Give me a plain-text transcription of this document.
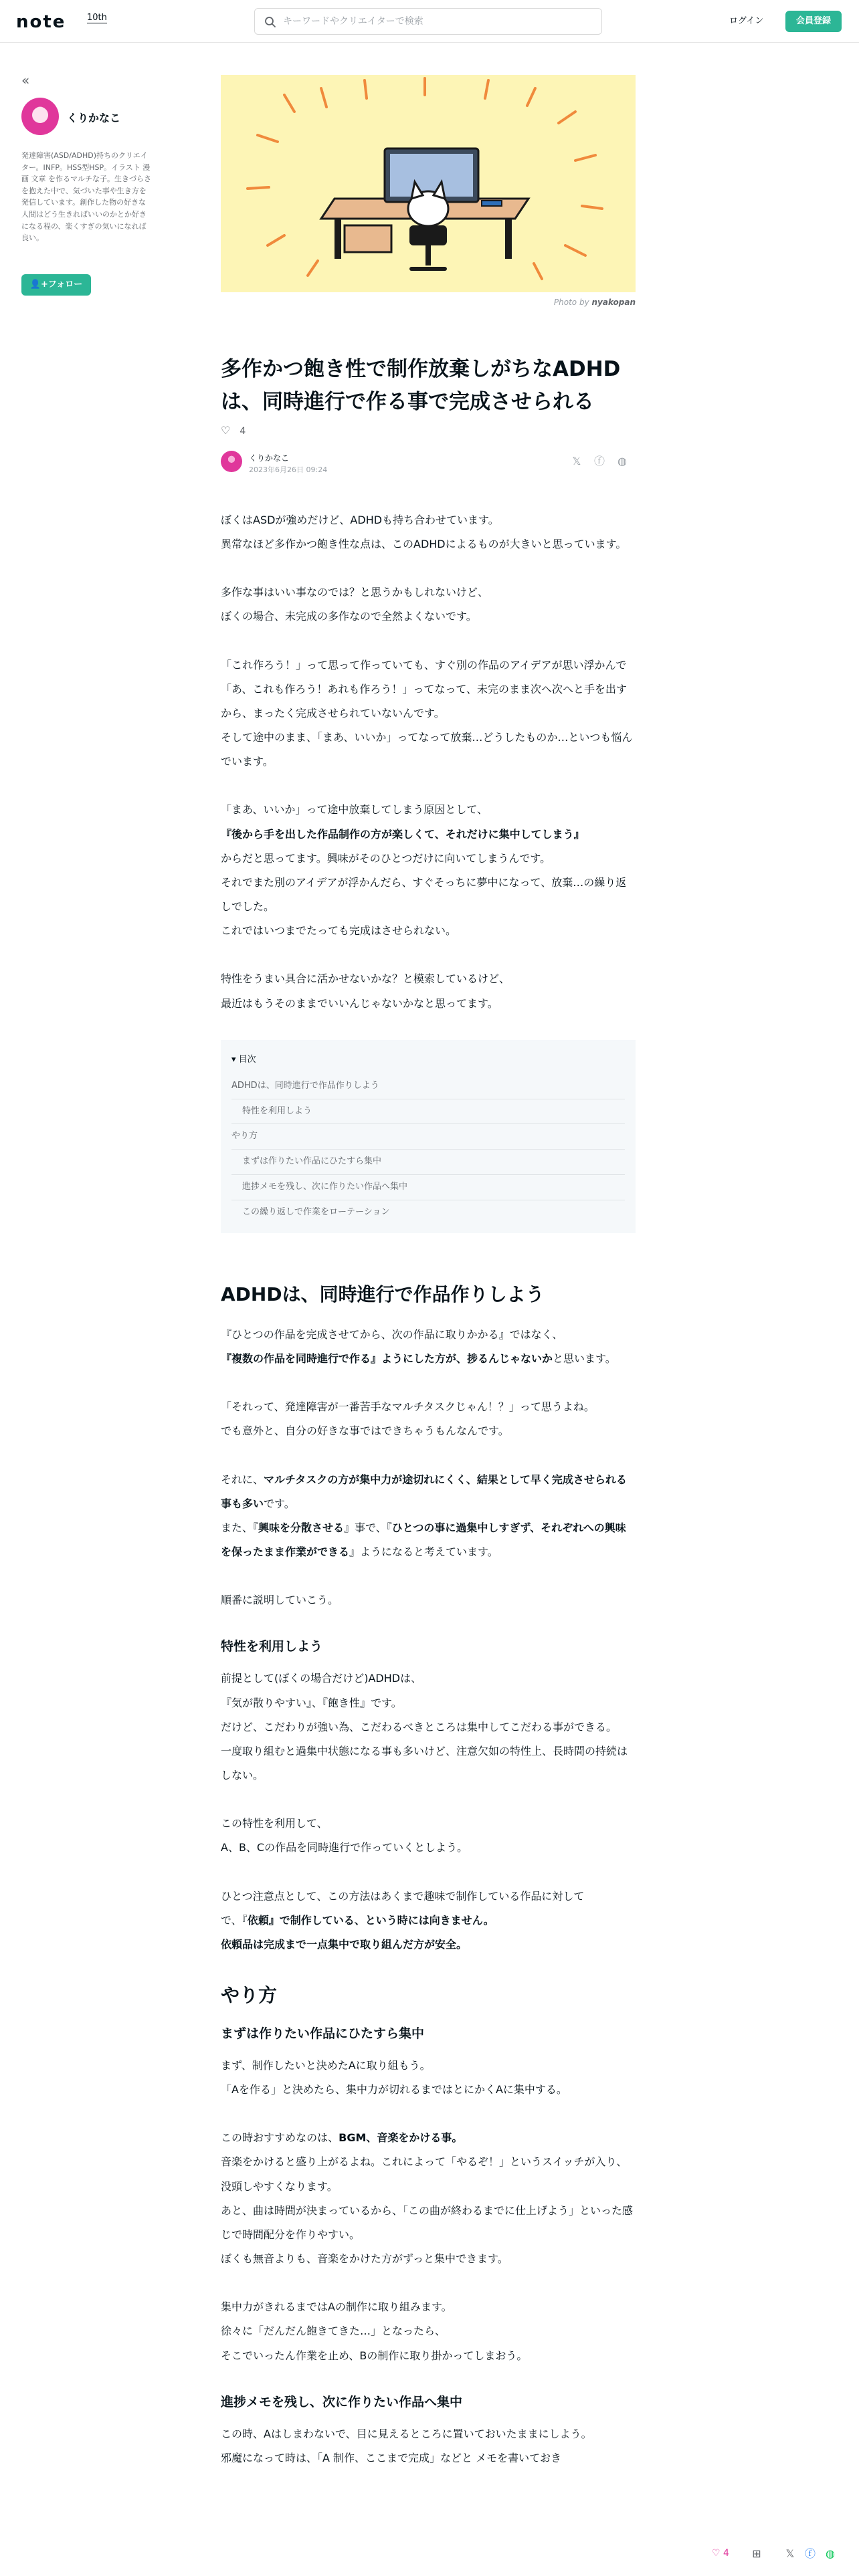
note 10th
キーワードやクリエイターで検索	ログイン	会員登録
«
くりかなこ
発達障害(ASD/ADHD)持ちのクリエイター。INFP。HSS型HSP。イラスト 漫画 文章 を作るマルチな子。生きづらさを抱えた中で、気づいた事や生き方を発信しています。創作した物の好きな人間はどう生きればいいのかとか好きになる程の、楽くすぎの気いになれば良い。
👤+フォロー
Photo by nyakopan
多作かつ飽き性で制作放棄しがちなADHDは、同時進行で作る事で完成させられる
♡ 4
くりかなこ
2023年6月26日 09:24
𝕏 ⓕ ◍
ぼくはASDが強めだけど、ADHDも持ち合わせています。
異常なほど多作かつ飽き性な点は、このADHDによるものが大きいと思っています。
多作な事はいい事なのでは？と思うかもしれないけど、
ぼくの場合、未完成の多作なので全然よくないです。
「これ作ろう！」って思って作っていても、すぐ別の作品のアイデアが思い浮かんで「あ、これも作ろう！あれも作ろう！」ってなって、未完のまま次へ次へと手を出すから、まったく完成させられていないんです。
そして途中のまま、「まあ、いいか」ってなって放棄…どうしたものか…といつも悩んでいます。
「まあ、いいか」って途中放棄してしまう原因として、
『後から手を出した作品制作の方が楽しくて、それだけに集中してしまう』
からだと思ってます。興味がそのひとつだけに向いてしまうんです。
それでまた別のアイデアが浮かんだら、すぐそっちに夢中になって、放棄…の繰り返しでした。
これではいつまでたっても完成はさせられない。
特性をうまい具合に活かせないかな？と模索しているけど、
最近はもうそのままでいいんじゃないかなと思ってます。
▾ 目次
ADHDは、同時進行で作品作りしよう
特性を利用しよう
やり方
まずは作りたい作品にひたすら集中
進捗メモを残し、次に作りたい作品へ集中
この繰り返しで作業をローテーション
ADHDは、同時進行で作品作りしよう
『ひとつの作品を完成させてから、次の作品に取りかかる』ではなく、
『複数の作品を同時進行で作る』ようにした方が、捗るんじゃないかと思います。
「それって、発達障害が一番苦手なマルチタスクじゃん！？」って思うよね。
でも意外と、自分の好きな事ではできちゃうもんなんです。
それに、マルチタスクの方が集中力が途切れにくく、結果として早く完成させられる事も多いです。
また、『興味を分散させる』事で、『ひとつの事に過集中しすぎず、それぞれへの興味を保ったまま作業ができる』ようになると考えています。
順番に説明していこう。
特性を利用しよう
前提として(ぼくの場合だけど)ADHDは、
『気が散りやすい』、『飽き性』です。
だけど、こだわりが強い為、こだわるべきところは集中してこだわる事ができる。
一度取り組むと過集中状態になる事も多いけど、注意欠如の特性上、長時間の持続はしない。
この特性を利用して、
A、B、Cの作品を同時進行で作っていくとしよう。
ひとつ注意点として、この方法はあくまで趣味で制作している作品に対して
で、『依頼』で制作している、という時には向きません。
依頼品は完成まで一点集中で取り組んだ方が安全。
やり方
まずは作りたい作品にひたすら集中
まず、制作したいと決めたAに取り組もう。
「Aを作る」と決めたら、集中力が切れるまではとにかくAに集中する。
この時おすすめなのは、BGM、音楽をかける事。
音楽をかけると盛り上がるよね。これによって「やるぞ！」というスイッチが入り、没頭しやすくなります。
あと、曲は時間が決まっているから、「この曲が終わるまでに仕上げよう」といった感じで時間配分を作りやすい。
ぼくも無音よりも、音楽をかけた方がずっと集中できます。
集中力がきれるまではAの制作に取り組みます。
徐々に「だんだん飽きてきた…」となったら、
そこでいったん作業を止め、Bの制作に取り掛かってしまおう。
進捗メモを残し、次に作りたい作品へ集中
この時、Aはしまわないで、目に見えるところに置いておいたままにしよう。
邪魔になって時は、「A 制作、ここまで完成」などと メモを書いておき
♡ 4 ⊞ 𝕏 ⓕ ◍
